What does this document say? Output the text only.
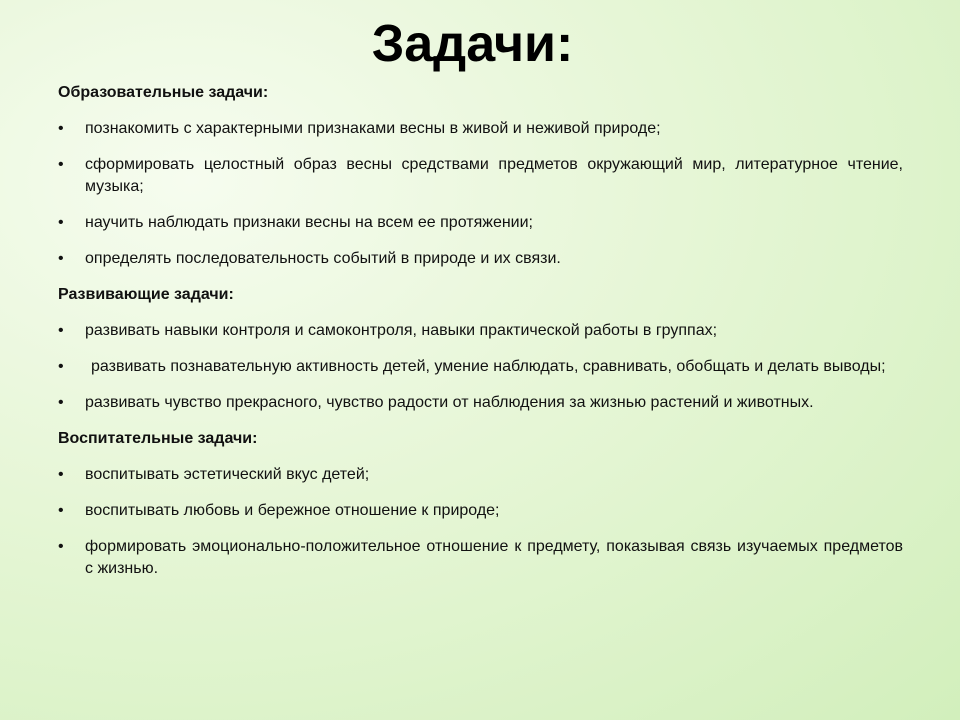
Задачи:

Образовательные задачи:

•	познакомить с характерными признаками весны в живой и неживой природе;
•	сформировать целостный образ весны средствами предметов окружающий мир, литературное чтение, музыка;
•	научить наблюдать признаки весны на всем ее протяжении;
•	определять последовательность событий в природе и их связи.

Развивающие задачи:

•	развивать навыки контроля и самоконтроля, навыки практической работы в группах;
•	развивать познавательную активность детей, умение наблюдать, сравнивать, обобщать и делать выводы;
•	развивать чувство прекрасного, чувство радости от наблюдения за жизнью растений и животных.

Воспитательные задачи:

•	воспитывать эстетический вкус детей;
•	воспитывать любовь и бережное отношение к природе;
•	формировать эмоционально-положительное отношение к предмету, показывая связь изучаемых предметов с жизнью.
